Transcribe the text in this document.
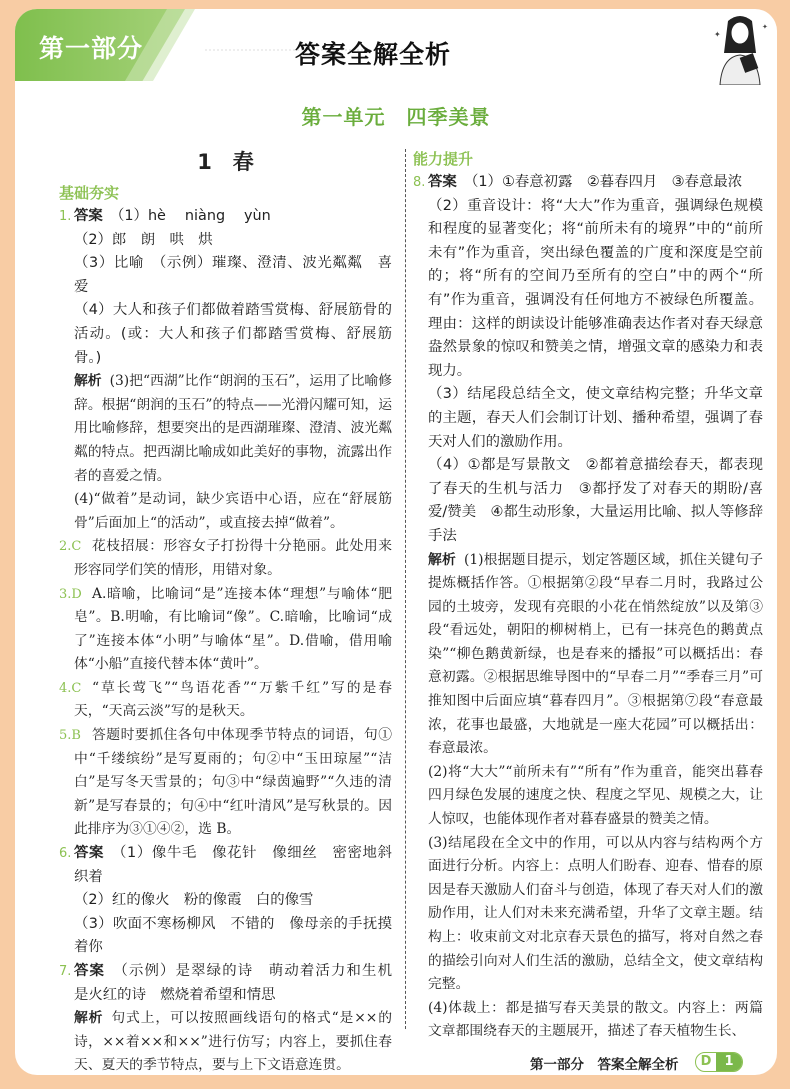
第一部分	答案全解全析
✦
✦
第一单元　四季美景
1　春
基础夯实

1. 答案　 （1）hè　 niàng　 yùn

（2）郎　朗　哄　烘

（3）比喻　（示例）璀璨、澄清、波光粼粼　喜爱

（4）大人和孩子们都做着踏雪赏梅、舒展筋骨的活动。(或：大人和孩子们都踏雪赏梅、舒展筋骨。)

解析 (3)把“西湖”比作“朗润的玉石”，运用了比喻修辞。根据“朗润的玉石”的特点——光滑闪耀可知，运用比喻修辞，想要突出的是西湖璀璨、澄清、波光粼粼的特点。把西湖比喻成如此美好的事物，流露出作者的喜爱之情。

(4)“做着”是动词，缺少宾语中心语，应在“舒展筋骨”后面加上“的活动”，或直接去掉“做着”。

2.C 花枝招展：形容女子打扮得十分艳丽。此处用来形容同学们笑的情形，用错对象。

3.D A.暗喻，比喻词“是”连接本体“理想”与喻体“肥皂”。B.明喻，有比喻词“像”。C.暗喻，比喻词“成了”连接本体“小明”与喻体“星”。D.借喻，借用喻体“小船”直接代替本体“黄叶”。

4.C “草长莺飞”“鸟语花香”“万紫千红”写的是春天，“天高云淡”写的是秋天。

5.B 答题时要抓住各句中体现季节特点的词语，句①中“千缕缤纷”是写夏雨的；句②中“玉田琼屋”“洁白”是写冬天雪景的；句③中“绿茵遍野”“久违的清新”是写春景的；句④中“红叶清风”是写秋景的。因此排序为③①④②，选 B。

6. 答案　 （1）像牛毛　像花针　像细丝　密密地斜织着

（2）红的像火　粉的像霞　白的像雪

（3）吹面不寒杨柳风　不错的　像母亲的手抚摸着你

7. 答案　 （示例）是翠绿的诗　萌动着活力和生机　是火红的诗　燃烧着希望和情思

解析 句式上，可以按照画线语句的格式“是××的诗，××着××和××”进行仿写；内容上，要抓住春天、夏天的季节特点，要与上下文语意连贯。

能力提升

8. 答案　 （1）①春意初露　②暮春四月　③春意最浓

（2）重音设计：将“大大”作为重音，强调绿色规模和程度的显著变化；将“前所未有的境界”中的“前所未有”作为重音，突出绿色覆盖的广度和深度是空前的；将“所有的空间乃至所有的空白”中的两个“所有”作为重音，强调没有任何地方不被绿色所覆盖。 理由：这样的朗读设计能够准确表达作者对春天绿意盎然景象的惊叹和赞美之情，增强文章的感染力和表现力。

（3）结尾段总结全文，使文章结构完整；升华文章的主题，春天人们会制订计划、播种希望，强调了春天对人们的激励作用。

（4）①都是写景散文　②都着意描绘春天，都表现了春天的生机与活力　③都抒发了对春天的期盼/喜爱/赞美　④都生动形象，大量运用比喻、拟人等修辞手法

解析 (1)根据题目提示，划定答题区域，抓住关键句子提炼概括作答。①根据第②段“早春二月时，我路过公园的土坡旁，发现有亮眼的小花在悄然绽放”以及第③段“看远处，朝阳的柳树梢上，已有一抹亮色的鹅黄点染”“柳色鹅黄新绿，也是春来的播报”可以概括出：春意初露。②根据思维导图中的“早春二月”“季春三月”可推知图中后面应填“暮春四月”。③根据第⑦段“春意最浓，花事也最盛，大地就是一座大花园”可以概括出：春意最浓。

(2)将“大大”“前所未有”“所有”作为重音，能突出暮春四月绿色发展的速度之快、程度之罕见、规模之大，让人惊叹，也能体现作者对暮春盛景的赞美之情。

(3)结尾段在全文中的作用，可以从内容与结构两个方面进行分析。内容上：点明人们盼春、迎春、惜春的原因是春天激励人们奋斗与创造，体现了春天对人们的激励作用，让人们对未来充满希望，升华了文章主题。结构上：收束前文对北京春天景色的描写，将对自然之春的描绘引向对人们生活的激励，总结全文，使文章结构完整。

(4)体裁上：都是描写春天美景的散文。内容上：两篇文章都围绕春天的主题展开，描述了春天植物生长、

第一部分　答案全解全析	D	1
